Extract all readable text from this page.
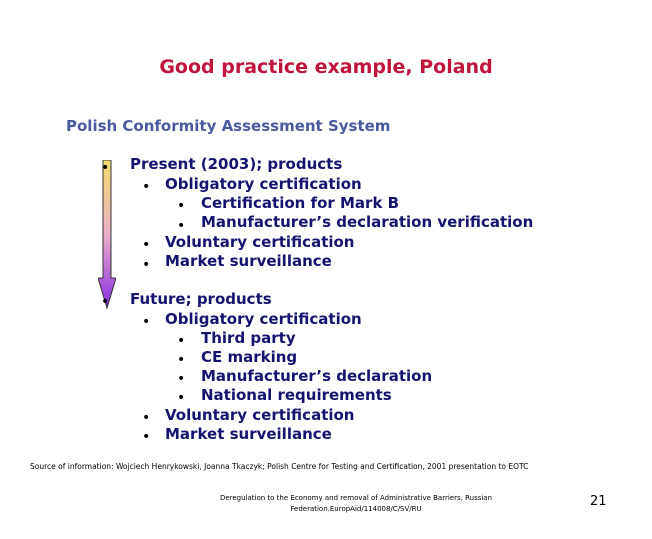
Good practice example, Poland
Polish Conformity Assessment System
• Present (2003); products
• Obligatory certification
• Certification for Mark B
• Manufacturer’s declaration verification
• Voluntary certification
• Market surveillance
• Future; products
• Obligatory certification
• Third party
• CE marking
• Manufacturer’s declaration
• National requirements
• Voluntary certification
• Market surveillance
Source of information: Wojciech Henrykowski, Joanna Tkaczyk; Polish Centre for Testing and Certification, 2001 presentation to EOTC
Deregulation to the Economy and removal of Administrative Barriers, Russian
Federation.EuropAid/114008/C/SV/RU	21
